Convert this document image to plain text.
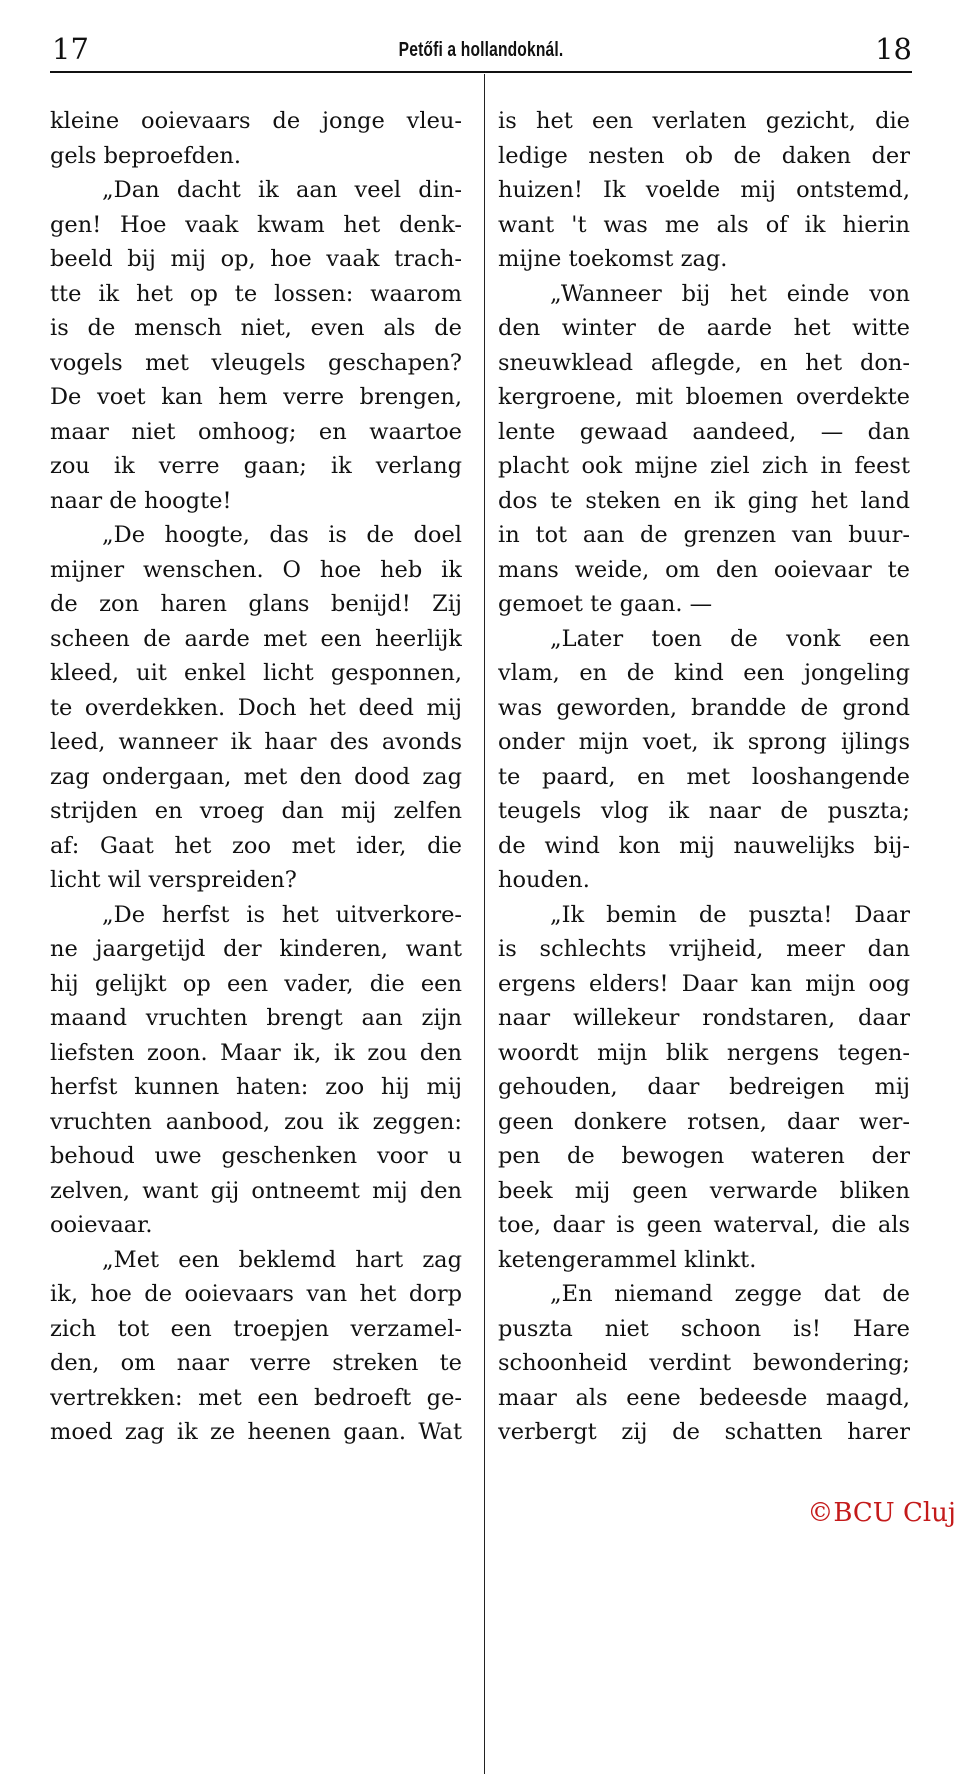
17	Petőfi a hollandoknál.	18
kleine ooievaars de jonge vleu-
gels beproefden.
„Dan dacht ik aan veel din-
gen! Hoe vaak kwam het denk-
beeld bij mij op, hoe vaak trach-
tte ik het op te lossen: waarom
is de mensch niet, even als de
vogels met vleugels geschapen?
De voet kan hem verre brengen,
maar niet omhoog; en waartoe
zou ik verre gaan; ik verlang
naar de hoogte!
„De hoogte, das is de doel
mijner wenschen. O hoe heb ik
de zon haren glans benijd! Zij
scheen de aarde met een heerlijk
kleed, uit enkel licht gesponnen,
te overdekken. Doch het deed mij
leed, wanneer ik haar des avonds
zag ondergaan, met den dood zag
strijden en vroeg dan mij zelfen
af: Gaat het zoo met ider, die
licht wil verspreiden?
„De herfst is het uitverkore-
ne jaargetijd der kinderen, want
hij gelijkt op een vader, die een
maand vruchten brengt aan zijn
liefsten zoon. Maar ik, ik zou den
herfst kunnen haten: zoo hij mij
vruchten aanbood, zou ik zeggen:
behoud uwe geschenken voor u
zelven, want gij ontneemt mij den
ooievaar.
„Met een beklemd hart zag
ik, hoe de ooievaars van het dorp
zich tot een troepjen verzamel-
den, om naar verre streken te
vertrekken: met een bedroeft ge-
moed zag ik ze heenen gaan. Wat
is het een verlaten gezicht, die
ledige nesten ob de daken der
huizen! Ik voelde mij ontstemd,
want 't was me als of ik hierin
mijne toekomst zag.
„Wanneer bij het einde von
den winter de aarde het witte
sneuwklead aflegde, en het don-
kergroene, mit bloemen overdekte
lente gewaad aandeed, — dan
placht ook mijne ziel zich in feest
dos te steken en ik ging het land
in tot aan de grenzen van buur-
mans weide, om den ooievaar te
gemoet te gaan. —
„Later toen de vonk een
vlam, en de kind een jongeling
was geworden, brandde de grond
onder mijn voet, ik sprong ijlings
te paard, en met looshangende
teugels vlog ik naar de puszta;
de wind kon mij nauwelijks bij-
houden.
„Ik bemin de puszta! Daar
is schlechts vrijheid, meer dan
ergens elders! Daar kan mijn oog
naar willekeur rondstaren, daar
woordt mijn blik nergens tegen-
gehouden, daar bedreigen mij
geen donkere rotsen, daar wer-
pen de bewogen wateren der
beek mij geen verwarde bliken
toe, daar is geen waterval, die als
ketengerammel klinkt.
„En niemand zegge dat de
puszta niet schoon is! Hare
schoonheid verdint bewondering;
maar als eene bedeesde maagd,
verbergt zij de schatten harer
©BCU Cluj
